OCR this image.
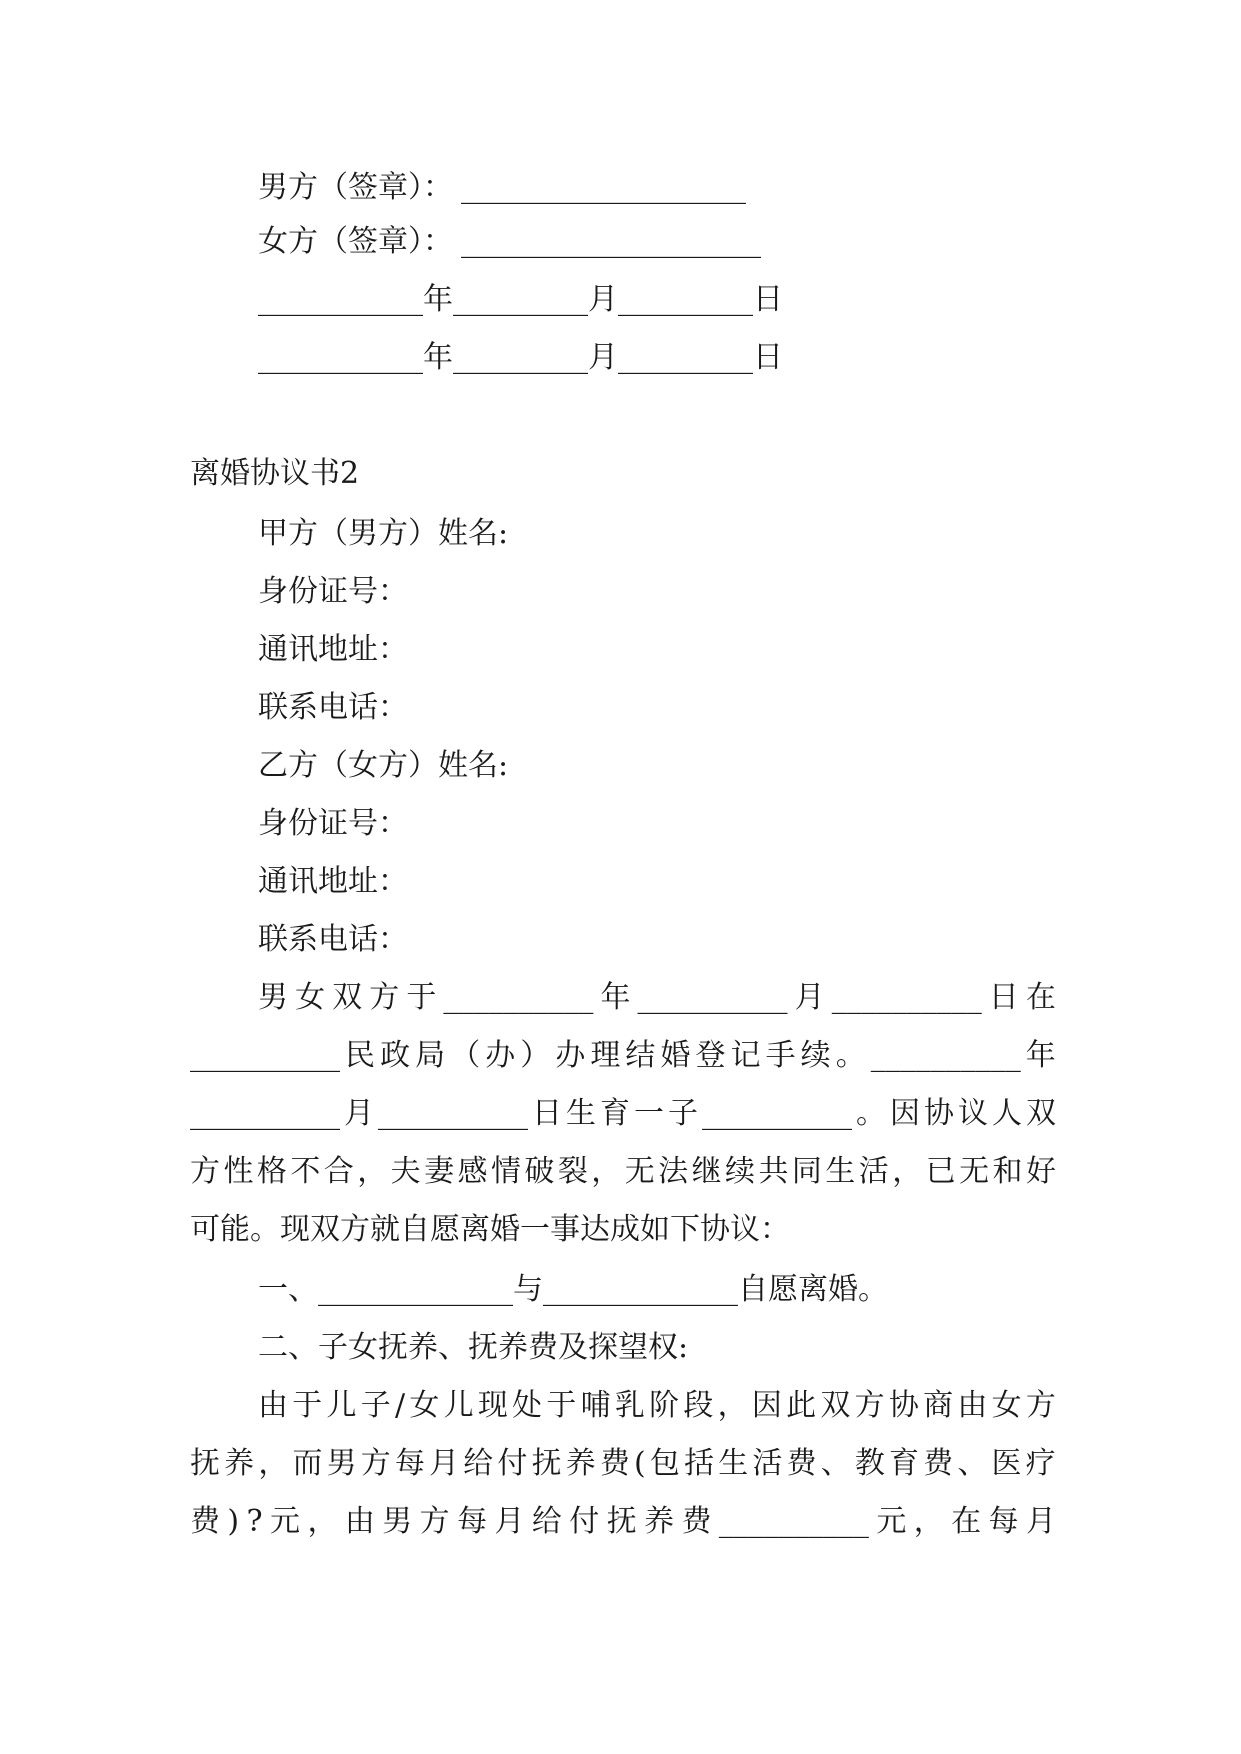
男方（签章）： ___________________
女方（签章）： ____________________
___________年_________月_________日
___________年_________月_________日
离婚协议书2
甲方（男方）姓名:
身份证号：
通讯地址：
联系电话：
乙方（女方）姓名:
身份证号：
通讯地址：
联系电话：
男 女 双 方 于 __________ 年 __________ 月 __________ 日 在
__________ 民 政 局 （ 办 ） 办 理 结 婚 登 记 手 续 。 __________ 年
__________ 月 __________ 日 生 育 一 子 __________ 。 因 协 议 人 双
方 性 格 不 合 ， 夫 妻 感 情 破 裂 ， 无 法 继 续 共 同 生 活 ， 已 无 和 好
可能。现双方就自愿离婚一事达成如下协议：
一、_____________与_____________自愿离婚。
二、子女抚养、抚养费及探望权:
由 于 儿 子 / 女 儿 现 处 于 哺 乳 阶 段 ， 因 此 双 方 协 商 由 女 方
抚 养 ， 而 男 方 每 月 给 付 抚 养 费 ( 包 括 生 活 费 、 教 育 费 、 医 疗
费 ) ? 元 ， 由 男 方 每 月 给 付 抚 养 费 __________ 元 ， 在 每 月
